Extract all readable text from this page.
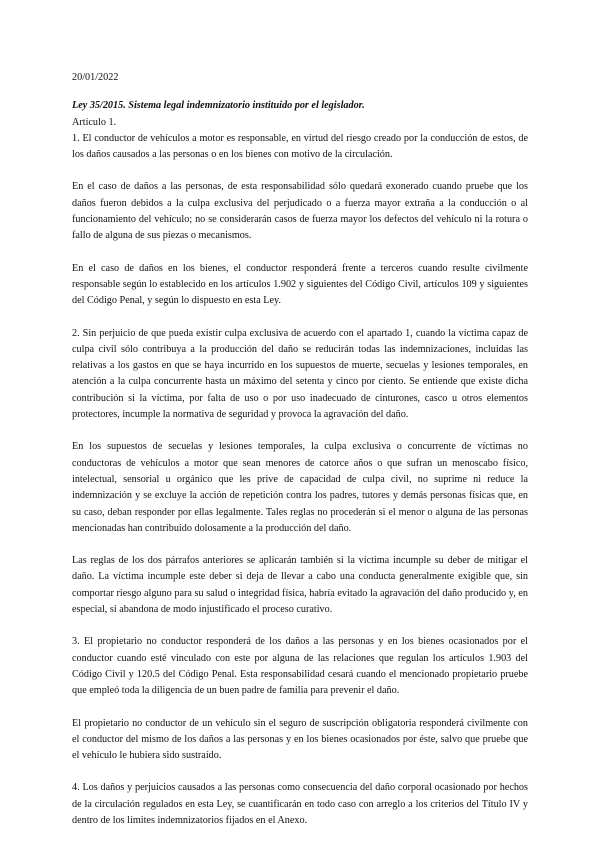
20/01/2022
Ley 35/2015. Sistema legal indemnizatorio instituido por el legislador.
Artículo 1.

1. El conductor de vehículos a motor es responsable, en virtud del riesgo creado por la conducción de estos, de los daños causados a las personas o en los bienes con motivo de la circulación.

En el caso de daños a las personas, de esta responsabilidad sólo quedará exonerado cuando pruebe que los daños fueron debidos a la culpa exclusiva del perjudicado o a fuerza mayor extraña a la conducción o al funcionamiento del vehículo; no se considerarán casos de fuerza mayor los defectos del vehículo ni la rotura o fallo de alguna de sus piezas o mecanismos.

En el caso de daños en los bienes, el conductor responderá frente a terceros cuando resulte civilmente responsable según lo establecido en los artículos 1.902 y siguientes del Código Civil, artículos 109 y siguientes del Código Penal, y según lo dispuesto en esta Ley.

2. Sin perjuicio de que pueda existir culpa exclusiva de acuerdo con el apartado 1, cuando la víctima capaz de culpa civil sólo contribuya a la producción del daño se reducirán todas las indemnizaciones, incluidas las relativas a los gastos en que se haya incurrido en los supuestos de muerte, secuelas y lesiones temporales, en atención a la culpa concurrente hasta un máximo del setenta y cinco por ciento. Se entiende que existe dicha contribución si la víctima, por falta de uso o por uso inadecuado de cinturones, casco u otros elementos protectores, incumple la normativa de seguridad y provoca la agravación del daño.

En los supuestos de secuelas y lesiones temporales, la culpa exclusiva o concurrente de víctimas no conductoras de vehículos a motor que sean menores de catorce años o que sufran un menoscabo físico, intelectual, sensorial u orgánico que les prive de capacidad de culpa civil, no suprime ni reduce la indemnización y se excluye la acción de repetición contra los padres, tutores y demás personas físicas que, en su caso, deban responder por ellas legalmente. Tales reglas no procederán si el menor o alguna de las personas mencionadas han contribuido dolosamente a la producción del daño.

Las reglas de los dos párrafos anteriores se aplicarán también si la víctima incumple su deber de mitigar el daño. La víctima incumple este deber si deja de llevar a cabo una conducta generalmente exigible que, sin comportar riesgo alguno para su salud o integridad física, habría evitado la agravación del daño producido y, en especial, si abandona de modo injustificado el proceso curativo.

3. El propietario no conductor responderá de los daños a las personas y en los bienes ocasionados por el conductor cuando esté vinculado con este por alguna de las relaciones que regulan los artículos 1.903 del Código Civil y 120.5 del Código Penal. Esta responsabilidad cesará cuando el mencionado propietario pruebe que empleó toda la diligencia de un buen padre de familia para prevenir el daño.

El propietario no conductor de un vehículo sin el seguro de suscripción obligatoria responderá civilmente con el conductor del mismo de los daños a las personas y en los bienes ocasionados por éste, salvo que pruebe que el vehículo le hubiera sido sustraído.

4. Los daños y perjuicios causados a las personas como consecuencia del daño corporal ocasionado por hechos de la circulación regulados en esta Ley, se cuantificarán en todo caso con arreglo a los criterios del Título IV y dentro de los límites indemnizatorios fijados en el Anexo.
